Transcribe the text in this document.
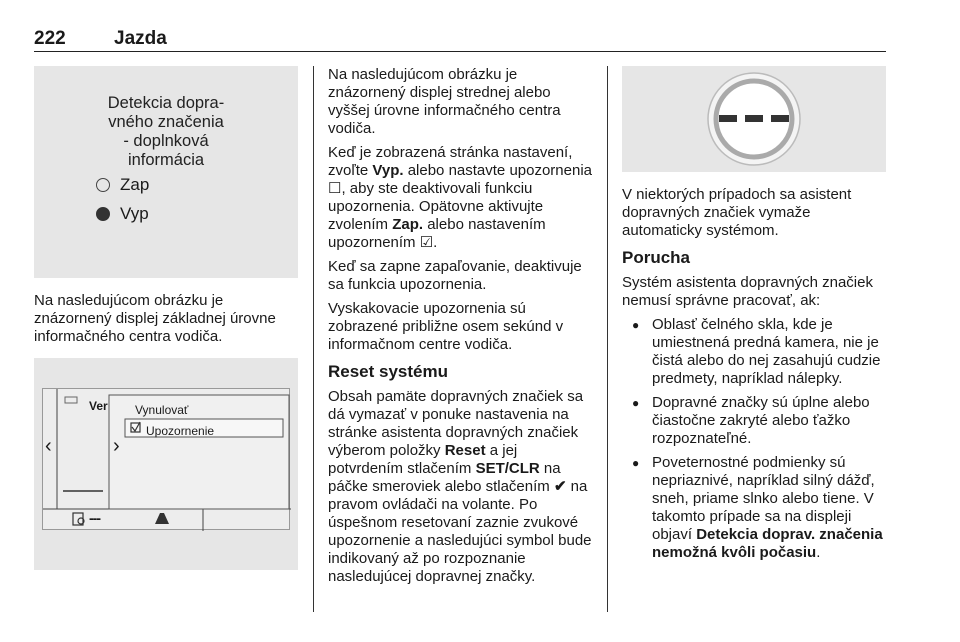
222	Jazda
Detekcia dopra-
vného značenia
- doplnková
informácia
Zap
Vyp

Na nasledujúcom obrázku je znázornený displej základnej úrovne informačného centra vodiča.

Ver Vynulovať
Upozornenie
‹	›
---

Na nasledujúcom obrázku je znázornený displej strednej alebo vyššej úrovne informačného centra vodiča.

Keď je zobrazená stránka nastavení, zvoľte Vyp. alebo nastavte upozornenia ☐, aby ste deaktivovali funkciu upozornenia. Opätovne aktivujte zvolením Zap. alebo nastavením upozornením ☑.

Keď sa zapne zapaľovanie, deaktivuje sa funkcia upozornenia.

Vyskakovacie upozornenia sú zobrazené približne osem sekúnd v informačnom centre vodiča.

Reset systému

Obsah pamäte dopravných značiek sa dá vymazať v ponuke nastavenia na stránke asistenta dopravných značiek výberom položky Reset a jej potvrdením stlačením SET/CLR na páčke smeroviek alebo stlačením ✔ na pravom ovládači na volante. Po úspešnom resetovaní zaznie zvukové upozornenie a nasledujúci symbol bude indikovaný až po rozpoznanie nasledujúcej dopravnej značky.

V niektorých prípadoch sa asistent dopravných značiek vymaže automaticky systémom.

Porucha

Systém asistenta dopravných značiek nemusí správne pracovať, ak:

● Oblasť čelného skla, kde je umiestnená predná kamera, nie je čistá alebo do nej zasahujú cudzie predmety, napríklad nálepky.
● Dopravné značky sú úplne alebo čiastočne zakryté alebo ťažko rozpoznateľné.
● Poveternostné podmienky sú nepriaznivé, napríklad silný dážď, sneh, priame slnko alebo tiene. V takomto prípade sa na displeji objaví Detekcia doprav. značenia nemožná kvôli počasiu.
